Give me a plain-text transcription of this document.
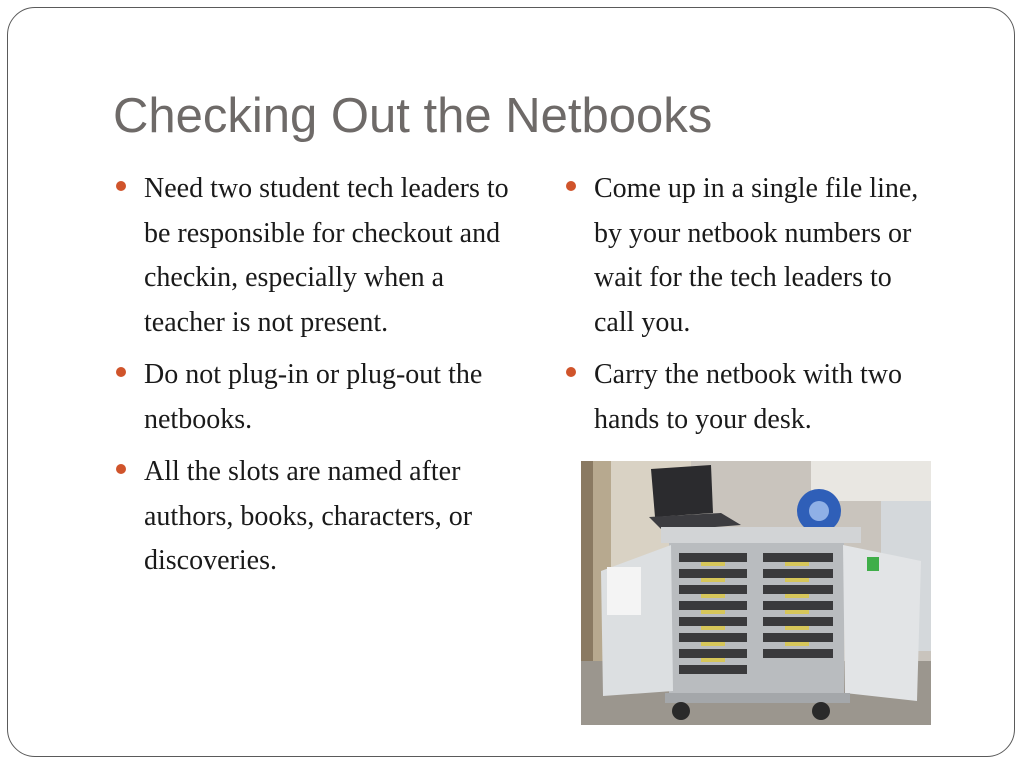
Checking Out the Netbooks
Need two student tech leaders to be responsible for checkout and checkin, especially when a teacher is not present.
Do not plug-in or plug-out the netbooks.
All the slots are named after authors, books, characters, or discoveries.
Come up in a single file line, by your netbook numbers or wait for the tech leaders to call you.
Carry the netbook with two hands to your desk.
